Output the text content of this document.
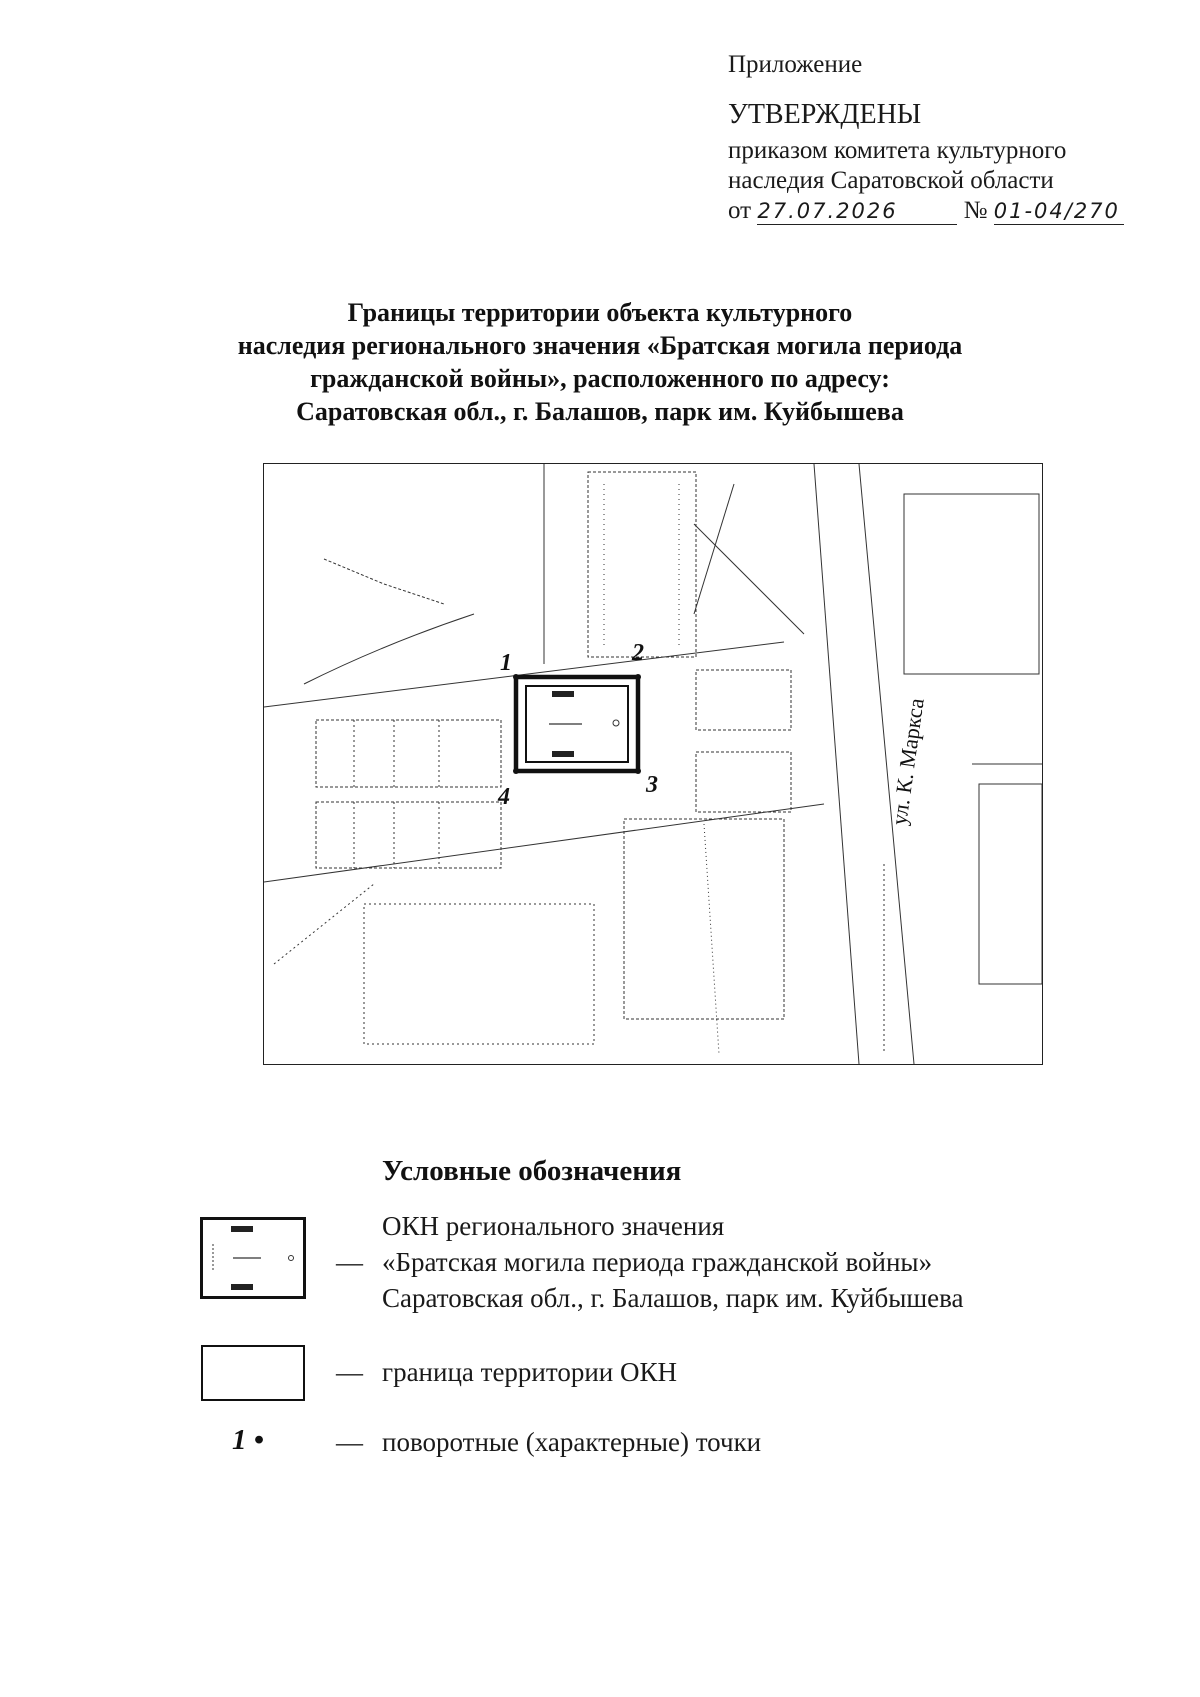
Приложение
УТВЕРЖДЕНЫ
приказом комитета культурного
наследия Саратовской области
от 27.07.2026	№ 01-04/270
Границы территории объекта культурного
наследия регионального значения «Братская могила периода
гражданской войны», расположенного по адресу:
Саратовская обл., г. Балашов, парк им. Куйбышева
1	2
3
4	ул. К. Маркса
Условные обозначения
ОКН регионального значения
— «Братская могила периода гражданской войны»
Саратовская обл., г. Балашов, парк им. Куйбышева
— граница территории ОКН
1 •	— поворотные (характерные) точки
